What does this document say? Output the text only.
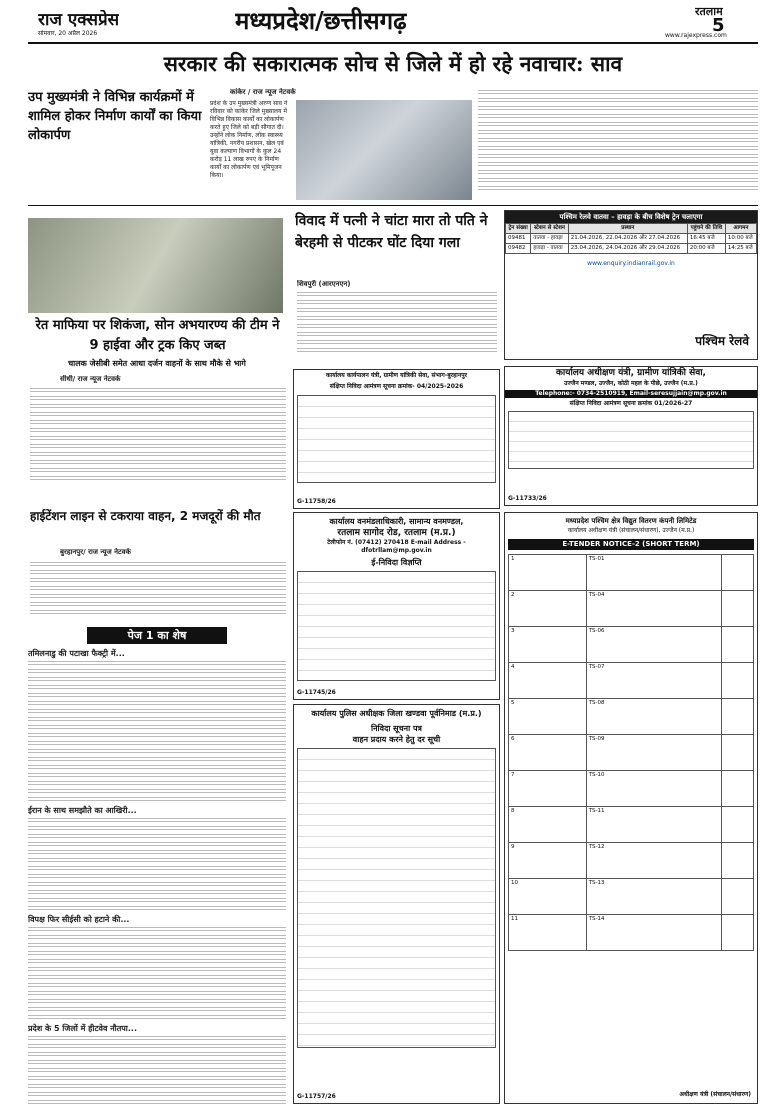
राज एक्सप्रेस
सोमवार, 20 अप्रैल 2026	मध्यप्रदेश/छत्तीसगढ़	रतलाम
5
www.rajexpress.com
सरकार की सकारात्मक सोच से जिले में हो रहे नवाचार: साव
उप मुख्यमंत्री ने विभिन्न कार्यक्रमों में शामिल होकर निर्माण कार्यों का किया लोकार्पण
कांकेर / राज न्यूज नेटवर्क
प्रदेश के उप मुख्यमंत्री अरुण साव ने रविवार को कांकेर जिले मुख्यालय में विभिन्न विकास कार्यों का लोकार्पण करते हुए जिले को बड़ी सौगात दी। उन्होंने लोक निर्माण, लोक स्वास्थ्य यांत्रिकी, नगरीय प्रशासन, खेल एवं युवा कल्याण विभागों के कुल 24 करोड़ 11 लाख रुपए के निर्माण कार्यों का लोकार्पण एवं भूमिपूजन किया।
रेत माफिया पर शिकंजा, सोन अभयारण्य की टीम ने 9 हाईवा और ट्रक किए जब्त
चालक जेसीबी समेत आधा दर्जन वाहनों के साथ मौके से भागे
सीधी/ राज न्यूज नेटवर्क
हाईटेंशन लाइन से टकराया वाहन, 2 मजदूरों की मौत
बुरहानपुर/ राज न्यूज नेटवर्क
पेज 1 का शेष
तमिलनाडु की पटाखा फैक्ट्री में...
ईरान के साथ समझौते का आखिरी...
विपक्ष फिर सीईसी को हटाने की...
प्रदेश के 5 जिलों में हीटवेव नौतपा...
विवाद में पत्नी ने चांटा मारा तो पति ने बेरहमी से पीटकर घोंट दिया गला
शिवपुरी (आरएनएन)
कार्यालय कार्यपालन यंत्री, ग्रामीण यांत्रिकी सेवा, संभाग-बुरहानपुर
संक्षिप्त निविदा आमंत्रण सूचना क्रमांक- 04/2025-2026
G-11758/26
पश्चिम रेलवे वातवा – हावड़ा के बीच विशेष ट्रेन चलाएगा
ट्रेन संख्या	स्टेशन से स्टेशन	प्रस्थान	पहुंचने की तिथि	आगमन
09481	वातवा - हावड़ा	21.04.2026, 22.04.2026 और 27.04.2026	16:45 बजे	10:00 बजे
09482	हावड़ा - वातवा	23.04.2026, 24.04.2026 और 29.04.2026	20:00 बजे	14:25 बजे
www.enquiry.indianrail.gov.in
पश्चिम रेलवे
कार्यालय अधीक्षण यंत्री, ग्रामीण यांत्रिकी सेवा,
उज्जैन मण्डल, उज्जैन, कोठी महल के पीछे, उज्जैन (म.प्र.)
Telephone:- 0734-2510919, Email-seresujjain@mp.gov.in
संक्षिप्त निविदा आमंत्रण सूचना क्रमांक 01/2026-27
G-11733/26
कार्यालय वनमंडलाधिकारी, सामान्य वनमण्डल,
रतलाम सागोद रोड, रतलाम (म.प्र.)
टेलीफोन नं. (07412) 270418 E-mail Address - dfotrllam@mp.gov.in
ई-निविदा विज्ञप्ति
G-11745/26
कार्यालय पुलिस अधीक्षक जिला खण्डवा पूर्वनिमाड (म.प्र.)
निविदा सूचना पत्र
वाहन प्रदाय करने हेतु दर सूची
G-11757/26
मध्यप्रदेश पश्चिम क्षेत्र विद्युत वितरण कंपनी लिमिटेड
कार्यालय अधीक्षण यंत्री (संचालन/संधारण), उज्जैन (म.प्र.)
E-TENDER NOTICE-2 (SHORT TERM)
1	TS-01	
2	TS-04	
3	TS-06	
4	TS-07	
5	TS-08	
6	TS-09	
7	TS-10	
8	TS-11	
9	TS-12	
10	TS-13	
11	TS-14	
अधीक्षण यंत्री (संचालन/संधारण)
